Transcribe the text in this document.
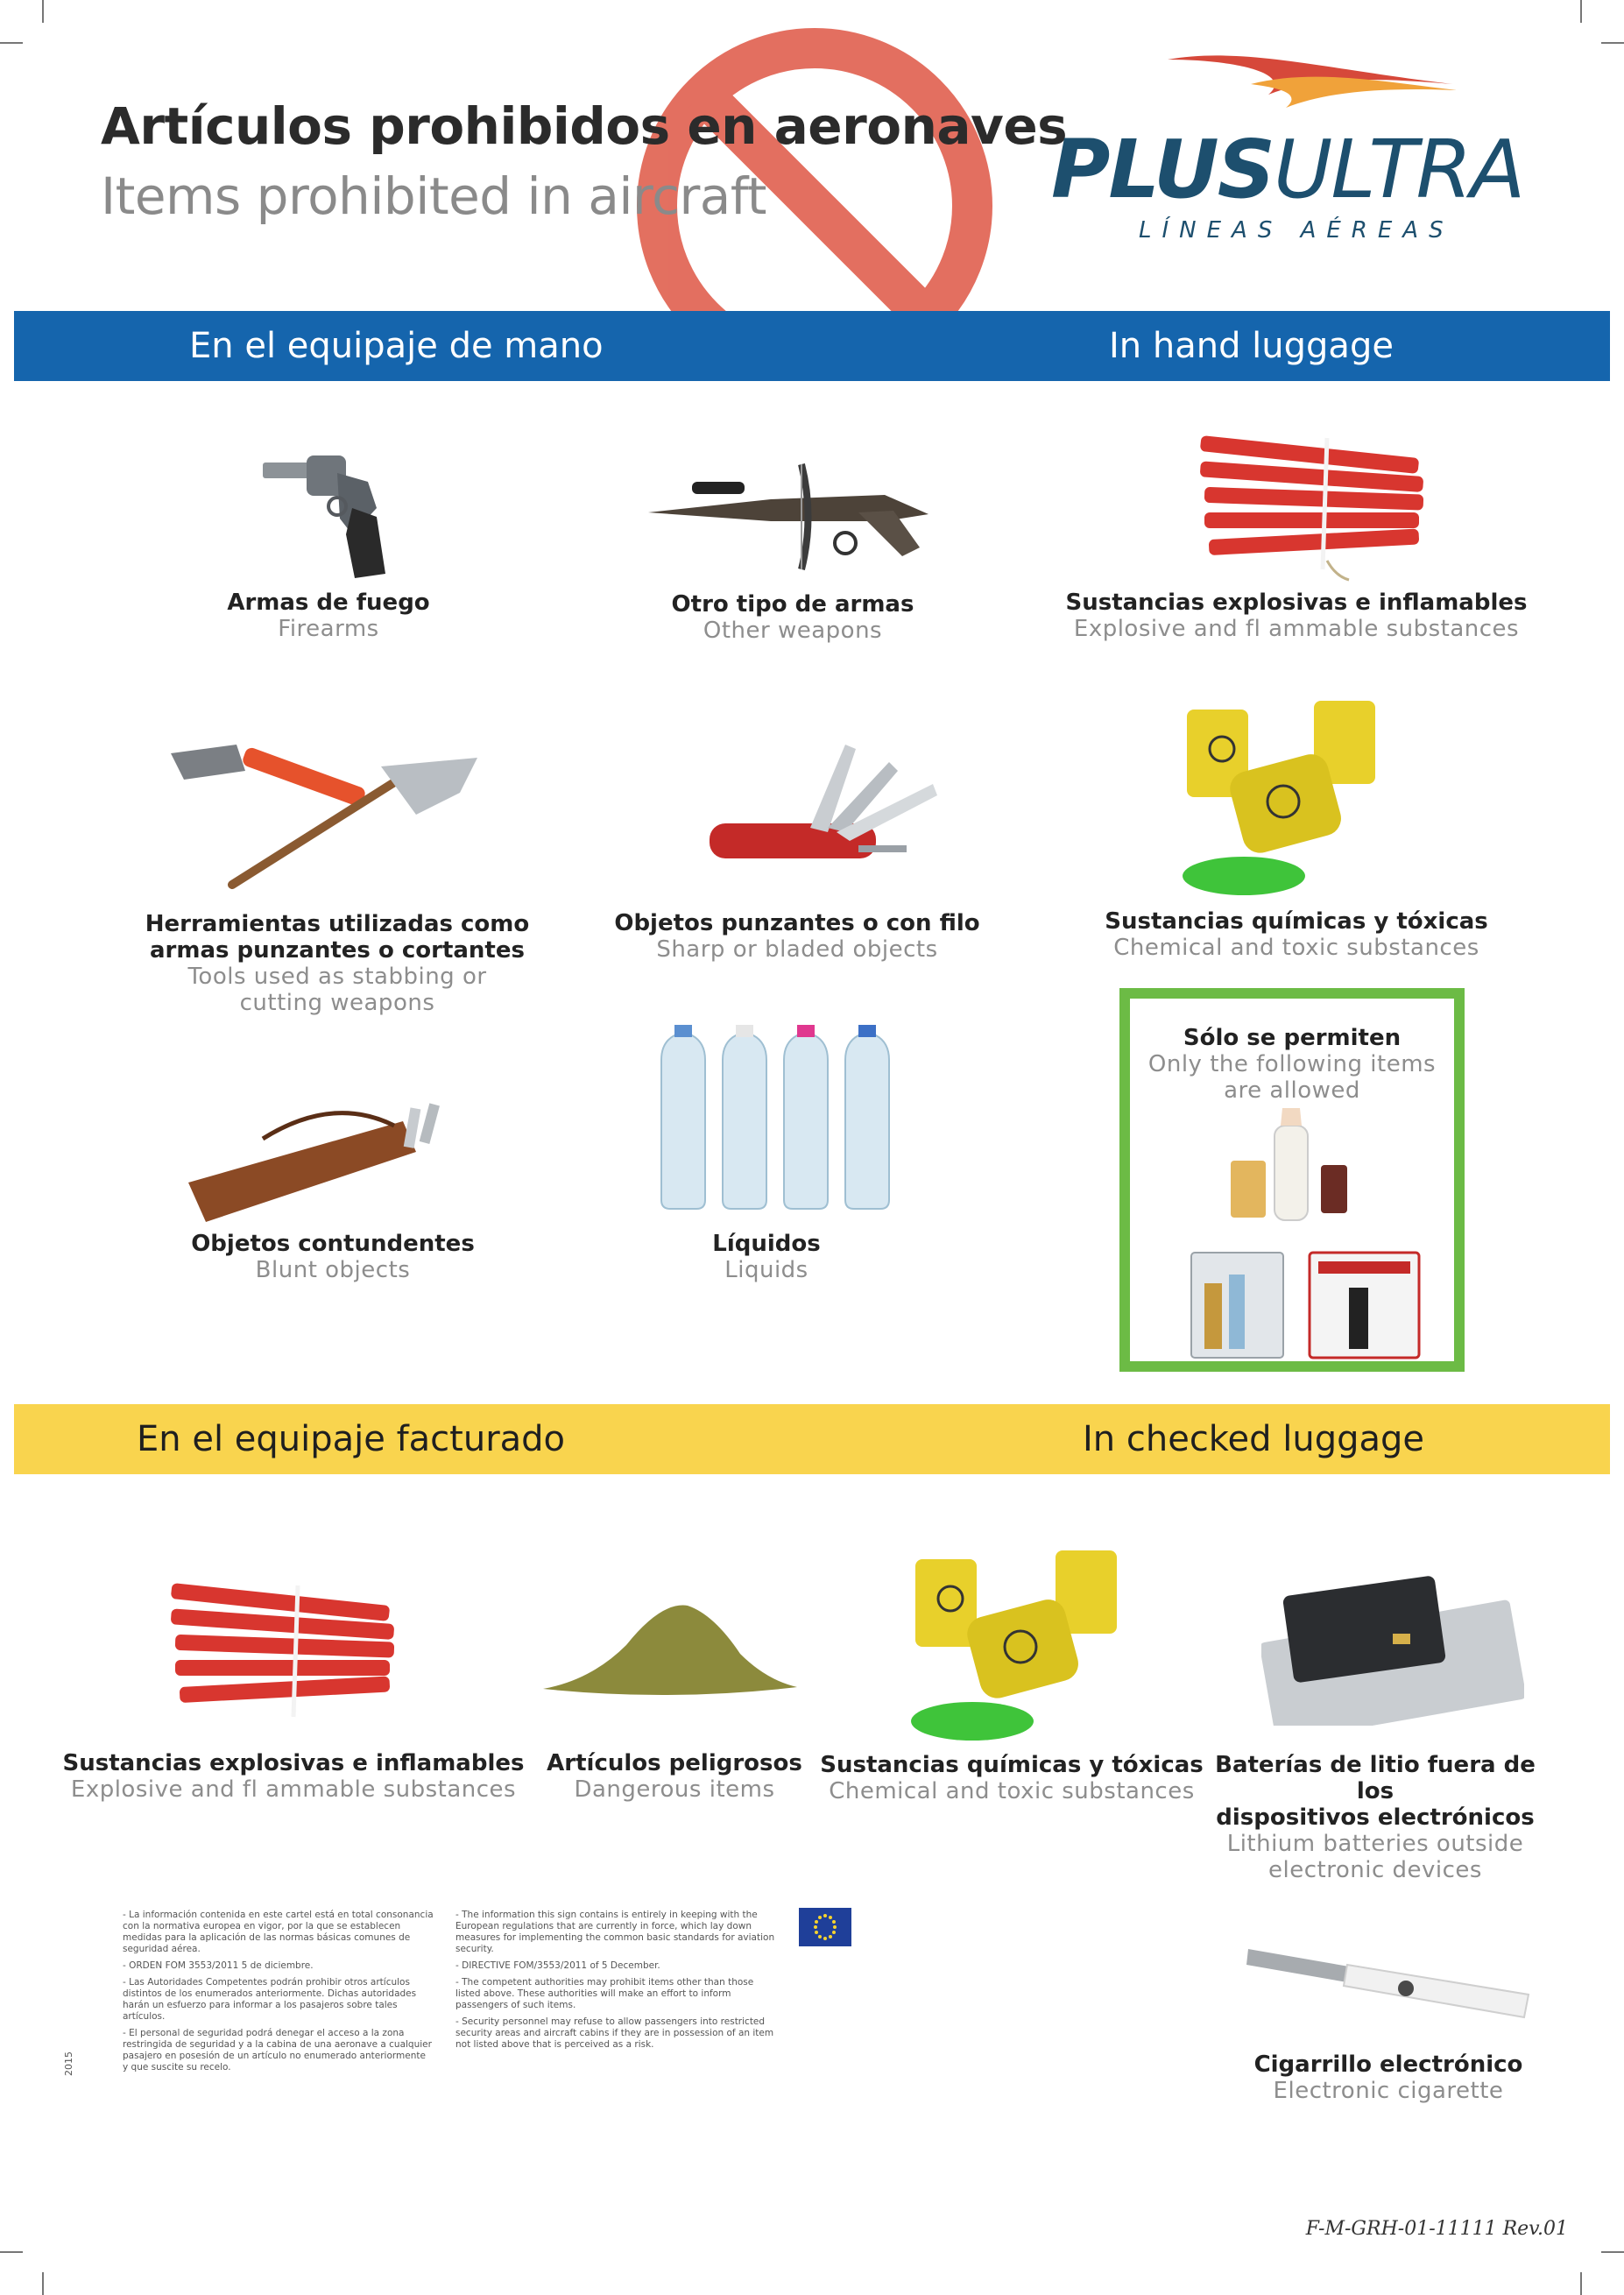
Artículos prohibidos en aeronaves
Items prohibited in aircraft	PLUSULTRA
LÍNEAS AÉREAS
En el equipaje de mano	In hand luggage
Armas de fuego
Firearms
Otro tipo de armas
Other weapons
Sustancias explosivas e inflamables
Explosive and fl ammable substances
Herramientas utilizadas como
armas punzantes o cortantes
Tools used as stabbing or
cutting weapons
Objetos punzantes o con filo
Sharp or bladed objects
Sustancias químicas y tóxicas
Chemical and toxic substances
Objetos contundentes
Blunt objects
Líquidos
Liquids
Sólo se permiten
Only the following items
are allowed
En el equipaje facturado	In checked luggage
Sustancias explosivas e inflamables
Explosive and fl ammable substances
Artículos peligrosos
Dangerous items
Sustancias químicas y tóxicas
Chemical and toxic substances
Baterías de litio fuera de los
dispositivos electrónicos
Lithium batteries outside
electronic devices
Cigarrillo electrónico
Electronic cigarette

- La información contenida en este cartel está en total consonancia con la normativa europea en vigor, por la que se establecen medidas para la aplicación de las normas básicas comunes de seguridad aérea.

- ORDEN FOM 3553/2011 5 de diciembre.

- Las Autoridades Competentes podrán prohibir otros artículos distintos de los enumerados anteriormente. Dichas autoridades harán un esfuerzo para informar a los pasajeros sobre tales artículos.

- El personal de seguridad podrá denegar el acceso a la zona restringida de seguridad y a la cabina de una aeronave a cualquier pasajero en posesión de un artículo no enumerado anteriormente y que suscite su recelo.

- The information this sign contains is entirely in keeping with the European regulations that are currently in force, which lay down measures for implementing the common basic standards for aviation security.

- DIRECTIVE FOM/3553/2011 of 5 December.

- The competent authorities may prohibit items other than those listed above. These authorities will make an effort to inform passengers of such items.

- Security personnel may refuse to allow passengers into restricted security areas and aircraft cabins if they are in possession of an item not listed above that is perceived as a risk.

2015
F-M-GRH-01-11111 Rev.01
